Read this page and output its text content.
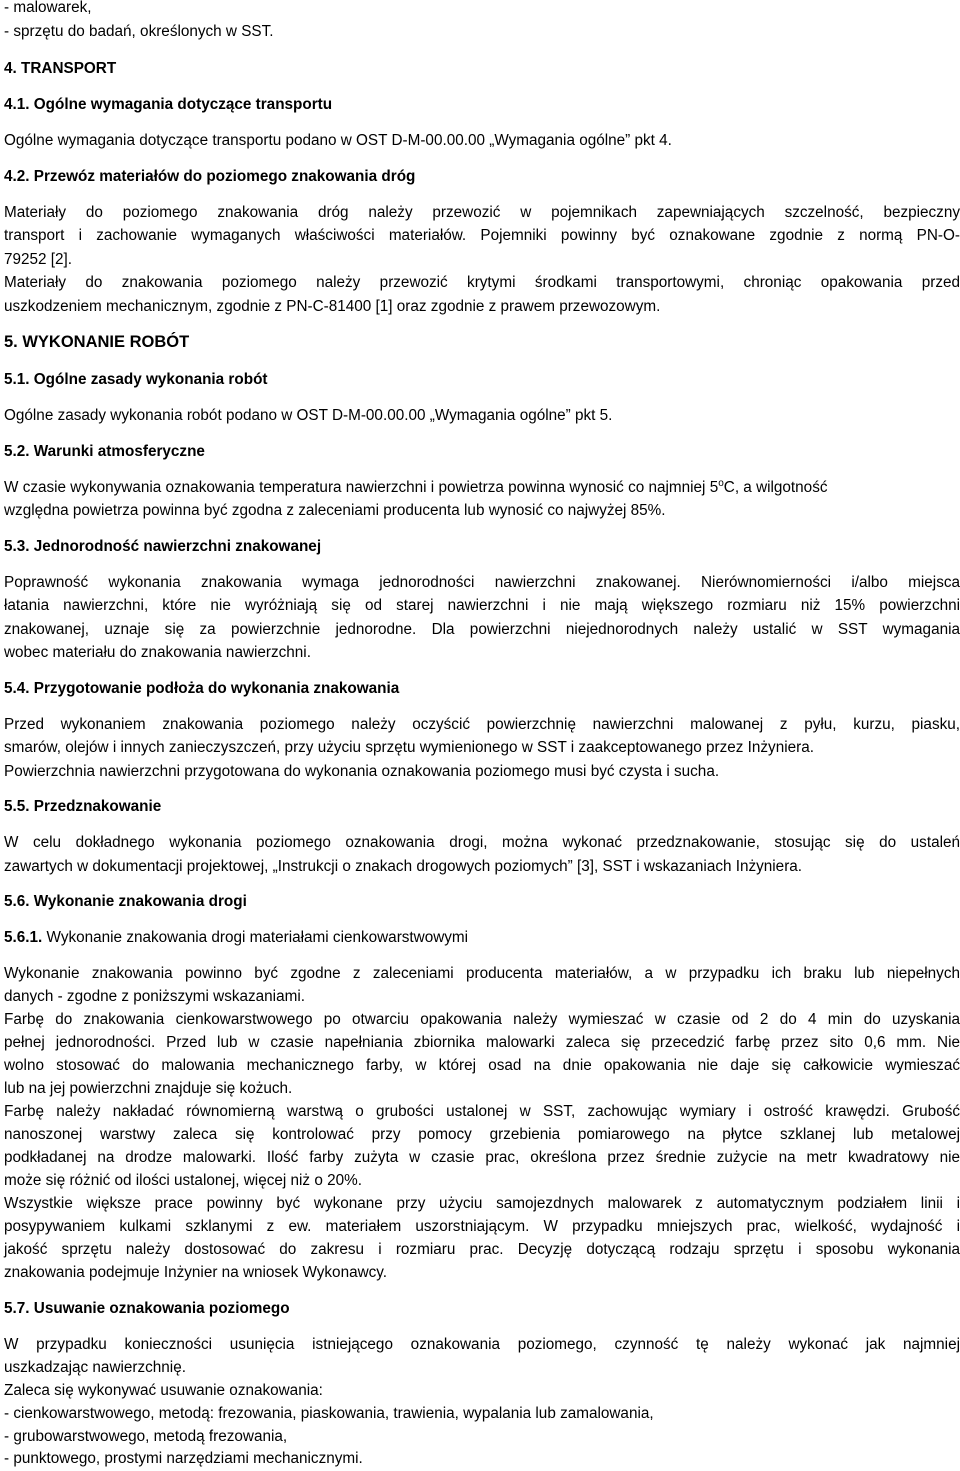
- malowarek,
- sprzętu do badań, określonych w SST.
4. TRANSPORT
4.1. Ogólne wymagania dotyczące transportu
Ogólne wymagania dotyczące transportu podano w OST D-M-00.00.00 „Wymagania ogólne” pkt 4.
4.2. Przewóz materiałów do poziomego znakowania dróg
Materiały do poziomego znakowania dróg należy przewozić w pojemnikach zapewniających szczelność, bezpieczny
transport i zachowanie wymaganych właściwości materiałów. Pojemniki powinny być oznakowane zgodnie z normą PN-O-
79252 [2].
Materiały do znakowania poziomego należy przewozić krytymi środkami transportowymi, chroniąc opakowania przed
uszkodzeniem mechanicznym, zgodnie z PN-C-81400 [1] oraz zgodnie z prawem przewozowym.
5. WYKONANIE ROBÓT
5.1. Ogólne zasady wykonania robót
Ogólne zasady wykonania robót podano w OST D-M-00.00.00 „Wymagania ogólne” pkt 5.
5.2. Warunki atmosferyczne
W czasie wykonywania oznakowania temperatura nawierzchni i powietrza powinna wynosić co najmniej 5$^o$C, a wilgotność
względna powietrza powinna być zgodna z zaleceniami producenta lub wynosić co najwyżej 85%.
5.3. Jednorodność nawierzchni znakowanej
Poprawność wykonania znakowania wymaga jednorodności nawierzchni znakowanej. Nierównomierności i/albo miejsca
łatania nawierzchni, które nie wyróżniają się od starej nawierzchni i nie mają większego rozmiaru niż 15% powierzchni
znakowanej, uznaje się za powierzchnie jednorodne. Dla powierzchni niejednorodnych należy ustalić w SST wymagania
wobec materiału do znakowania nawierzchni.
5.4. Przygotowanie podłoża do wykonania znakowania
Przed wykonaniem znakowania poziomego należy oczyścić powierzchnię nawierzchni malowanej z pyłu, kurzu, piasku,
smarów, olejów i innych zanieczyszczeń, przy użyciu sprzętu wymienionego w SST i zaakceptowanego przez Inżyniera.
Powierzchnia nawierzchni przygotowana do wykonania oznakowania poziomego musi być czysta i sucha.
5.5. Przedznakowanie
W celu dokładnego wykonania poziomego oznakowania drogi, można wykonać przedznakowanie, stosując się do ustaleń
zawartych w dokumentacji projektowej, „Instrukcji o znakach drogowych poziomych” [3], SST i wskazaniach Inżyniera.
5.6. Wykonanie znakowania drogi
5.6.1. Wykonanie znakowania drogi materiałami cienkowarstwowymi
Wykonanie znakowania powinno być zgodne z zaleceniami producenta materiałów, a w przypadku ich braku lub niepełnych
danych - zgodne z poniższymi wskazaniami.
Farbę do znakowania cienkowarstwowego po otwarciu opakowania należy wymieszać w czasie od 2 do 4 min do uzyskania
pełnej jednorodności. Przed lub w czasie napełniania zbiornika malowarki zaleca się przecedzić farbę przez sito 0,6 mm. Nie
wolno stosować do malowania mechanicznego farby, w której osad na dnie opakowania nie daje się całkowicie wymieszać
lub na jej powierzchni znajduje się kożuch.
Farbę należy nakładać równomierną warstwą o grubości ustalonej w SST, zachowując wymiary i ostrość krawędzi. Grubość
nanoszonej warstwy zaleca się kontrolować przy pomocy grzebienia pomiarowego na płytce szklanej lub metalowej
podkładanej na drodze malowarki. Ilość farby zużyta w czasie prac, określona przez średnie zużycie na metr kwadratowy nie
może się różnić od ilości ustalonej, więcej niż o 20%.
Wszystkie większe prace powinny być wykonane przy użyciu samojezdnych malowarek z automatycznym podziałem linii i
posypywaniem kulkami szklanymi z ew. materiałem uszorstniającym. W przypadku mniejszych prac, wielkość, wydajność i
jakość sprzętu należy dostosować do zakresu i rozmiaru prac. Decyzję dotyczącą rodzaju sprzętu i sposobu wykonania
znakowania podejmuje Inżynier na wniosek Wykonawcy.
5.7. Usuwanie oznakowania poziomego
W przypadku konieczności usunięcia istniejącego oznakowania poziomego, czynność tę należy wykonać jak najmniej
uszkadzając nawierzchnię.
Zaleca się wykonywać usuwanie oznakowania:
- cienkowarstwowego, metodą: frezowania, piaskowania, trawienia, wypalania lub zamalowania,
- grubowarstwowego, metodą frezowania,
- punktowego, prostymi narzędziami mechanicznymi.
